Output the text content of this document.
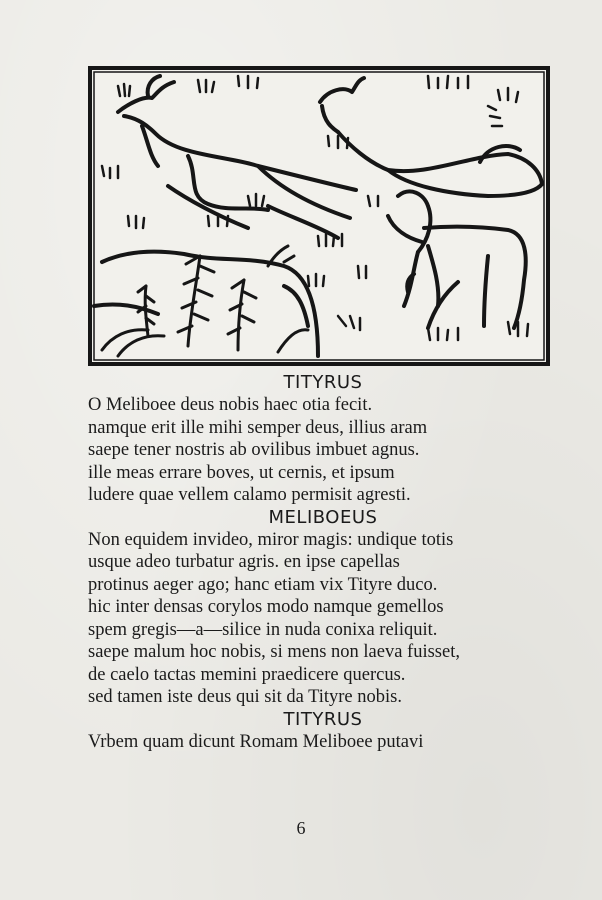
TITYRUS
O Meliboee deus nobis haec otia fecit.
namque erit ille mihi semper deus, illius aram
saepe tener nostris ab ovilibus imbuet agnus.
ille meas errare boves, ut cernis, et ipsum
ludere quae vellem calamo permisit agresti.
MELIBOEUS
Non equidem invideo, miror magis: undique totis
usque adeo turbatur agris. en ipse capellas
protinus aeger ago; hanc etiam vix Tityre duco.
hic inter densas corylos modo namque gemellos
spem gregis—a—silice in nuda conixa reliquit.
saepe malum hoc nobis, si mens non laeva fuisset,
de caelo tactas memini praedicere quercus.
sed tamen iste deus qui sit da Tityre nobis.
TITYRUS
Vrbem quam dicunt Romam Meliboee putavi
6
